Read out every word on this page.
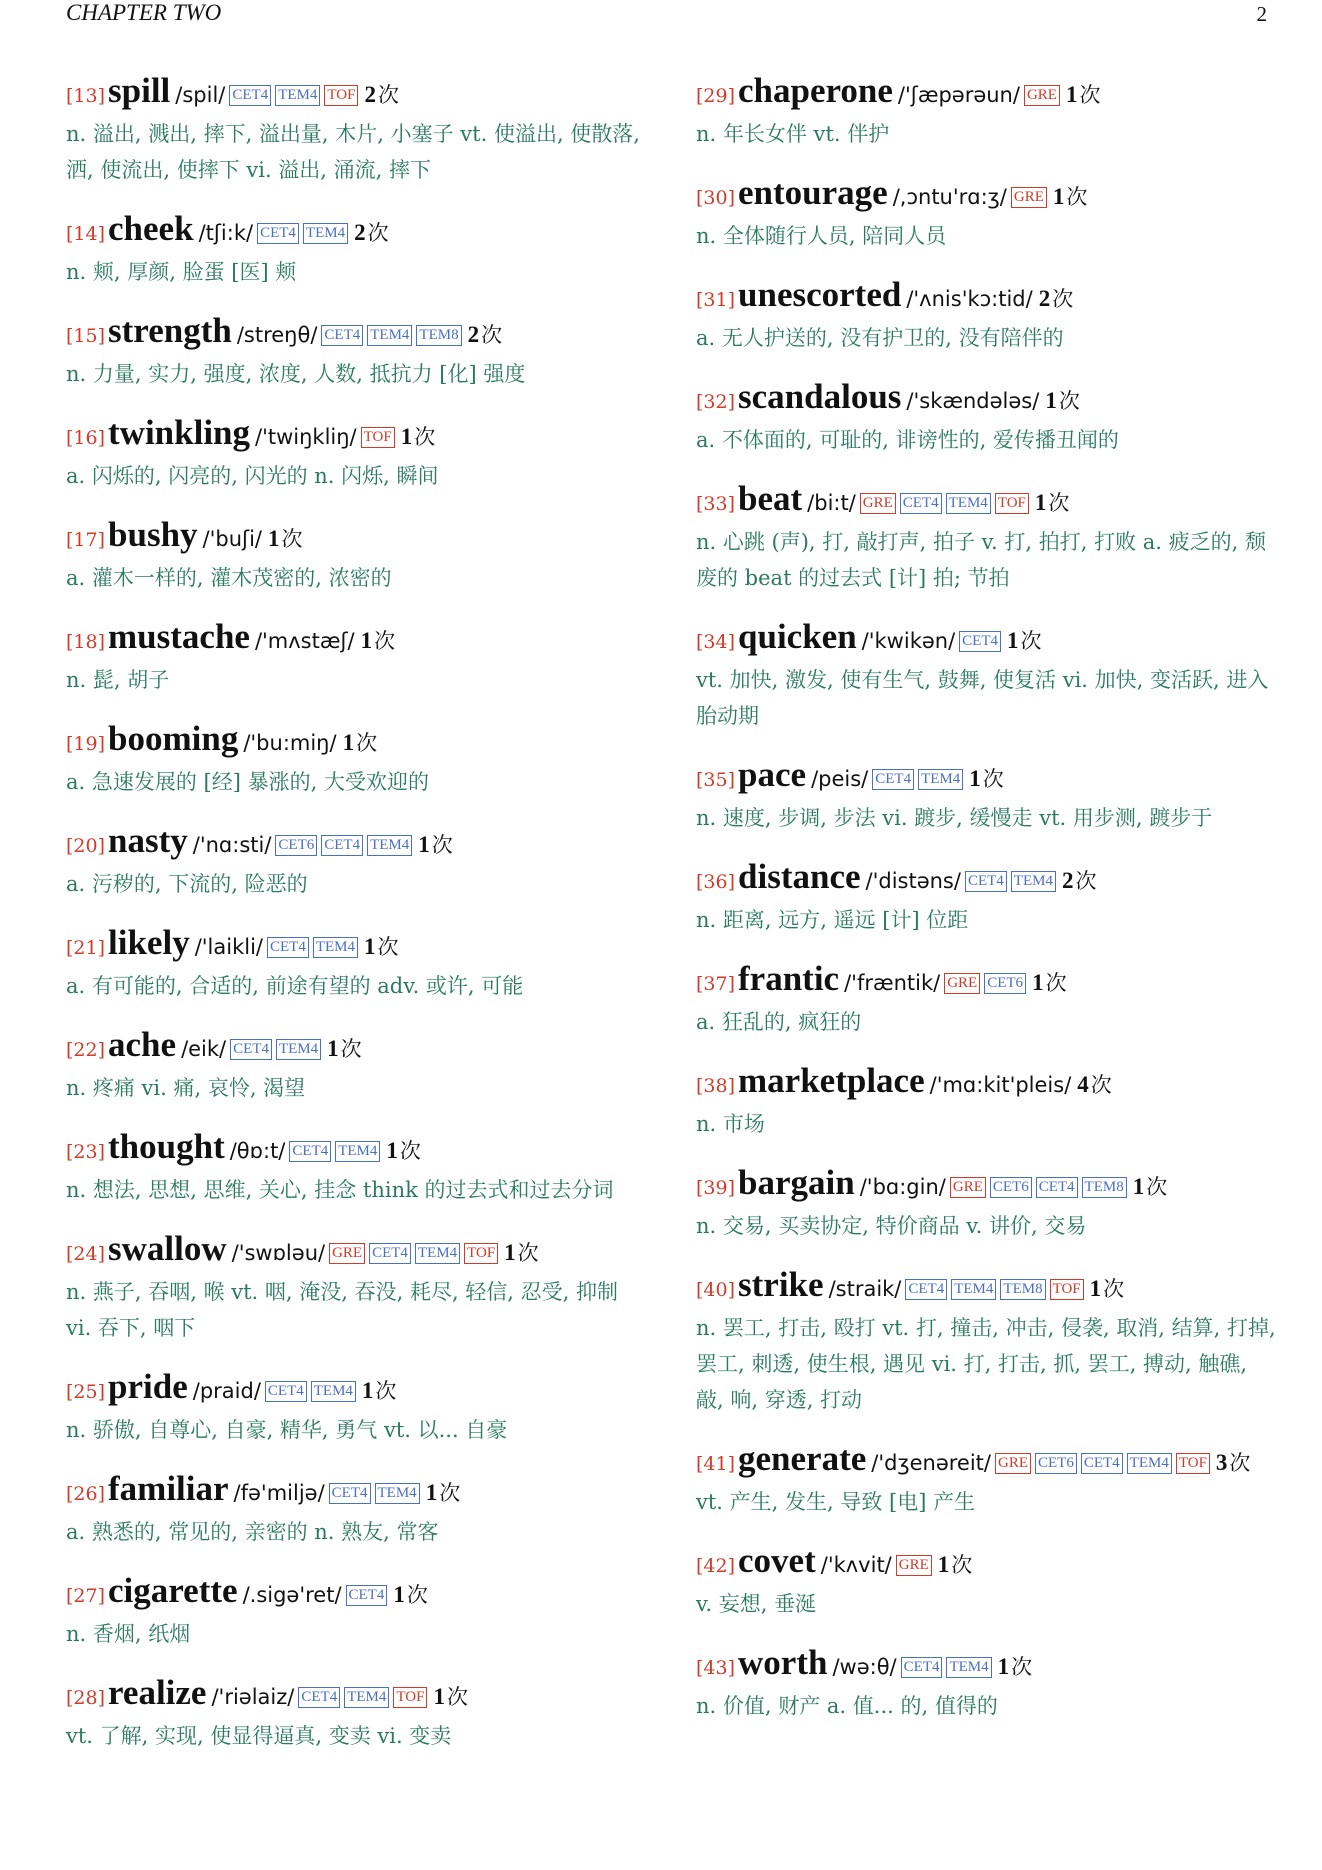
CHAPTER TWO	2
[13]spill /spil/ CET4 TEM4 TOF 2次
n. 溢出, 溅出, 摔下, 溢出量, 木片, 小塞子 vt. 使溢出, 使散落, 洒, 使流出, 使摔下 vi. 溢出, 涌流, 摔下
[14]cheek /tʃi:k/ CET4 TEM4 2次
n. 颊, 厚颜, 脸蛋 [医] 颊
[15]strength /streŋθ/ CET4 TEM4 TEM8 2次
n. 力量, 实力, 强度, 浓度, 人数, 抵抗力 [化] 强度
[16]twinkling /'twiŋkliŋ/ TOF 1次
a. 闪烁的, 闪亮的, 闪光的 n. 闪烁, 瞬间
[17]bushy /'buʃi/ 1次
a. 灌木一样的, 灌木茂密的, 浓密的
[18]mustache /'mʌstæʃ/ 1次
n. 髭, 胡子
[19]booming /'bu:miŋ/ 1次
a. 急速发展的 [经] 暴涨的, 大受欢迎的
[20]nasty /'nɑ:sti/ CET6 CET4 TEM4 1次
a. 污秽的, 下流的, 险恶的
[21]likely /'laikli/ CET4 TEM4 1次
a. 有可能的, 合适的, 前途有望的 adv. 或许, 可能
[22]ache /eik/ CET4 TEM4 1次
n. 疼痛 vi. 痛, 哀怜, 渴望
[23]thought /θɒ:t/ CET4 TEM4 1次
n. 想法, 思想, 思维, 关心, 挂念 think 的过去式和过去分词
[24]swallow /'swɒləu/ GRE CET4 TEM4 TOF 1次
n. 燕子, 吞咽, 喉 vt. 咽, 淹没, 吞没, 耗尽, 轻信, 忍受, 抑制 vi. 吞下, 咽下
[25]pride /praid/ CET4 TEM4 1次
n. 骄傲, 自尊心, 自豪, 精华, 勇气 vt. 以... 自豪
[26]familiar /fə'miljə/ CET4 TEM4 1次
a. 熟悉的, 常见的, 亲密的 n. 熟友, 常客
[27]cigarette /.sigə'ret/ CET4 1次
n. 香烟, 纸烟
[28]realize /'riəlaiz/ CET4 TEM4 TOF 1次
vt. 了解, 实现, 使显得逼真, 变卖 vi. 变卖
[29]chaperone /'ʃæpərəun/ GRE 1次
n. 年长女伴 vt. 伴护
[30]entourage /,ɔntu'rɑ:ʒ/ GRE 1次
n. 全体随行人员, 陪同人员
[31]unescorted /'ʌnis'kɔ:tid/ 2次
a. 无人护送的, 没有护卫的, 没有陪伴的
[32]scandalous /'skændələs/ 1次
a. 不体面的, 可耻的, 诽谤性的, 爱传播丑闻的
[33]beat /bi:t/ GRE CET4 TEM4 TOF 1次
n. 心跳 (声), 打, 敲打声, 拍子 v. 打, 拍打, 打败 a. 疲乏的, 颓废的 beat 的过去式 [计] 拍; 节拍
[34]quicken /'kwikən/ CET4 1次
vt. 加快, 激发, 使有生气, 鼓舞, 使复活 vi. 加快, 变活跃, 进入胎动期
[35]pace /peis/ CET4 TEM4 1次
n. 速度, 步调, 步法 vi. 踱步, 缓慢走 vt. 用步测, 踱步于
[36]distance /'distəns/ CET4 TEM4 2次
n. 距离, 远方, 遥远 [计] 位距
[37]frantic /'fræntik/ GRE CET6 1次
a. 狂乱的, 疯狂的
[38]marketplace /'mɑ:kit'pleis/ 4次
n. 市场
[39]bargain /'bɑ:gin/ GRE CET6 CET4 TEM8 1次
n. 交易, 买卖协定, 特价商品 v. 讲价, 交易
[40]strike /straik/ CET4 TEM4 TEM8 TOF 1次
n. 罢工, 打击, 殴打 vt. 打, 撞击, 冲击, 侵袭, 取消, 结算, 打掉, 罢工, 刺透, 使生根, 遇见 vi. 打, 打击, 抓, 罢工, 搏动, 触礁, 敲, 响, 穿透, 打动
[41]generate /'dʒenəreit/ GRE CET6 CET4 TEM4 TOF 3次
vt. 产生, 发生, 导致 [电] 产生
[42]covet /'kʌvit/ GRE 1次
v. 妄想, 垂涎
[43]worth /wə:θ/ CET4 TEM4 1次
n. 价值, 财产 a. 值... 的, 值得的
